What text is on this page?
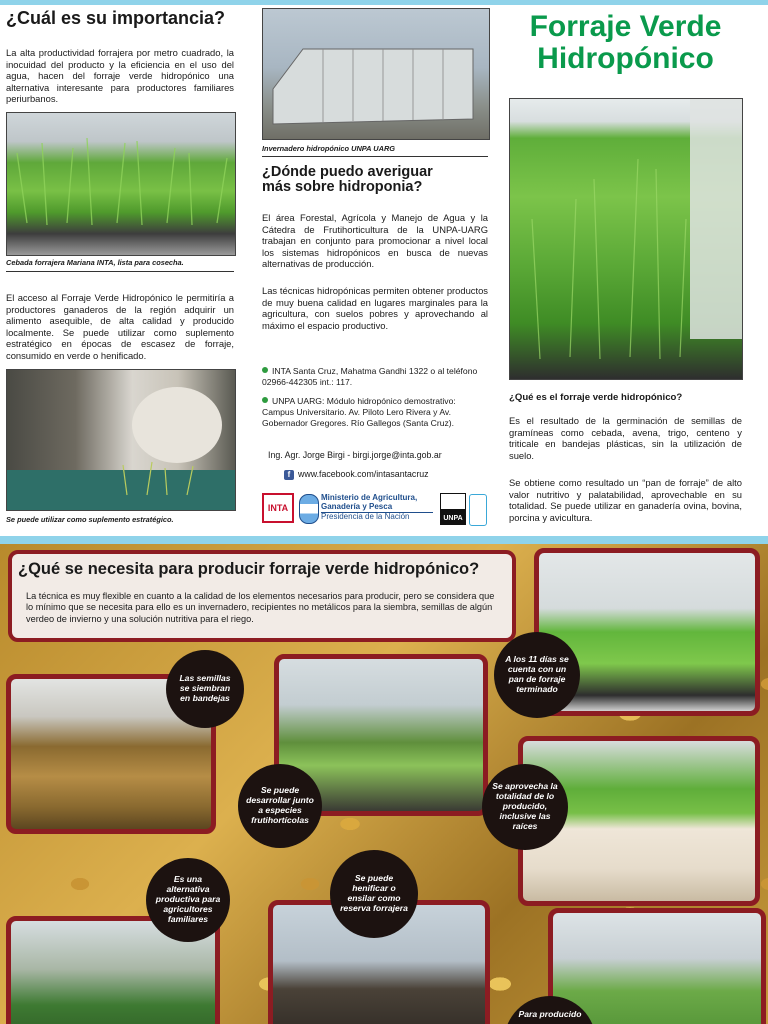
¿Cuál es su importancia?

La alta productividad forrajera por metro cuadrado, la inocuidad del producto y la eficiencia en el uso del agua, hacen del forraje verde hidropónico una alternativa interesante para productores familiares periurbanos.

Cebada forrajera Mariana INTA, lista para cosecha.

El acceso al Forraje Verde Hidropónico le permitiría a productores ganaderos de la región adquirir un alimento asequible, de alta calidad y producido localmente. Se puede utilizar como suplemento estratégico en épocas de escasez de forraje, consumido en verde o henificado.

Se puede utilizar como suplemento estratégico.
Invernadero hidropónico UNPA UARG
¿Dónde puedo averiguar más sobre hidroponia?

El área Forestal, Agrícola y Manejo de Agua y la Cátedra de Frutihorticultura de la UNPA-UARG trabajan en conjunto para promocionar a nivel local los sistemas hidropónicos en busca de nuevas alternativas de producción.

Las técnicas hidropónicas permiten obtener productos de muy buena calidad en lugares marginales para la agricultura, con suelos pobres y aprovechando al máximo el espacio productivo.

INTA Santa Cruz, Mahatma Gandhi 1322 o al teléfono 02966-442305 int.: 117.
UNPA UARG: Módulo hidropónico demostrativo: Campus Universitario. Av. Piloto Lero Rivera y Av. Gobernador Gregores. Río Gallegos (Santa Cruz).
Ing. Agr. Jorge Birgi - birgi.jorge@inta.gob.ar
f www.facebook.com/intasantacruz
INTA
Ministerio de Agricultura,
Ganadería y Pesca
Presidencia de la Nación	UNPA
Forraje Verde
Hidropónico
¿Qué es el forraje verde hidropónico?

Es el resultado de la germinación de semillas de gramíneas como cebada, avena, trigo, centeno y triticale en bandejas plásticas, sin la utilización de suelo.

Se obtiene como resultado un “pan de forraje” de alto valor nutritivo y palatabilidad, aprovechable en su totalidad. Se puede utilizar en ganadería ovina, bovina, porcina y avicultura.

¿Qué se necesita para producir forraje verde hidropónico?

La técnica es muy flexible en cuanto a la calidad de los elementos necesarios para producir, pero se considera que lo mínimo que se necesita para ello es un invernadero, recipientes no metálicos para la siembra, semillas de algún verdeo de invierno y una solución nutritiva para el riego.

Las semillas se siembran en bandejas
Se puede desarrollar junto a especies frutihortícolas
A los 11 días se cuenta con un pan de forraje terminado
Se aprovecha la totalidad de lo producido, inclusive las raíces
Es una alternativa productiva para agricultores familiares
Se puede henificar o ensilar como reserva forrajera
Para producido
